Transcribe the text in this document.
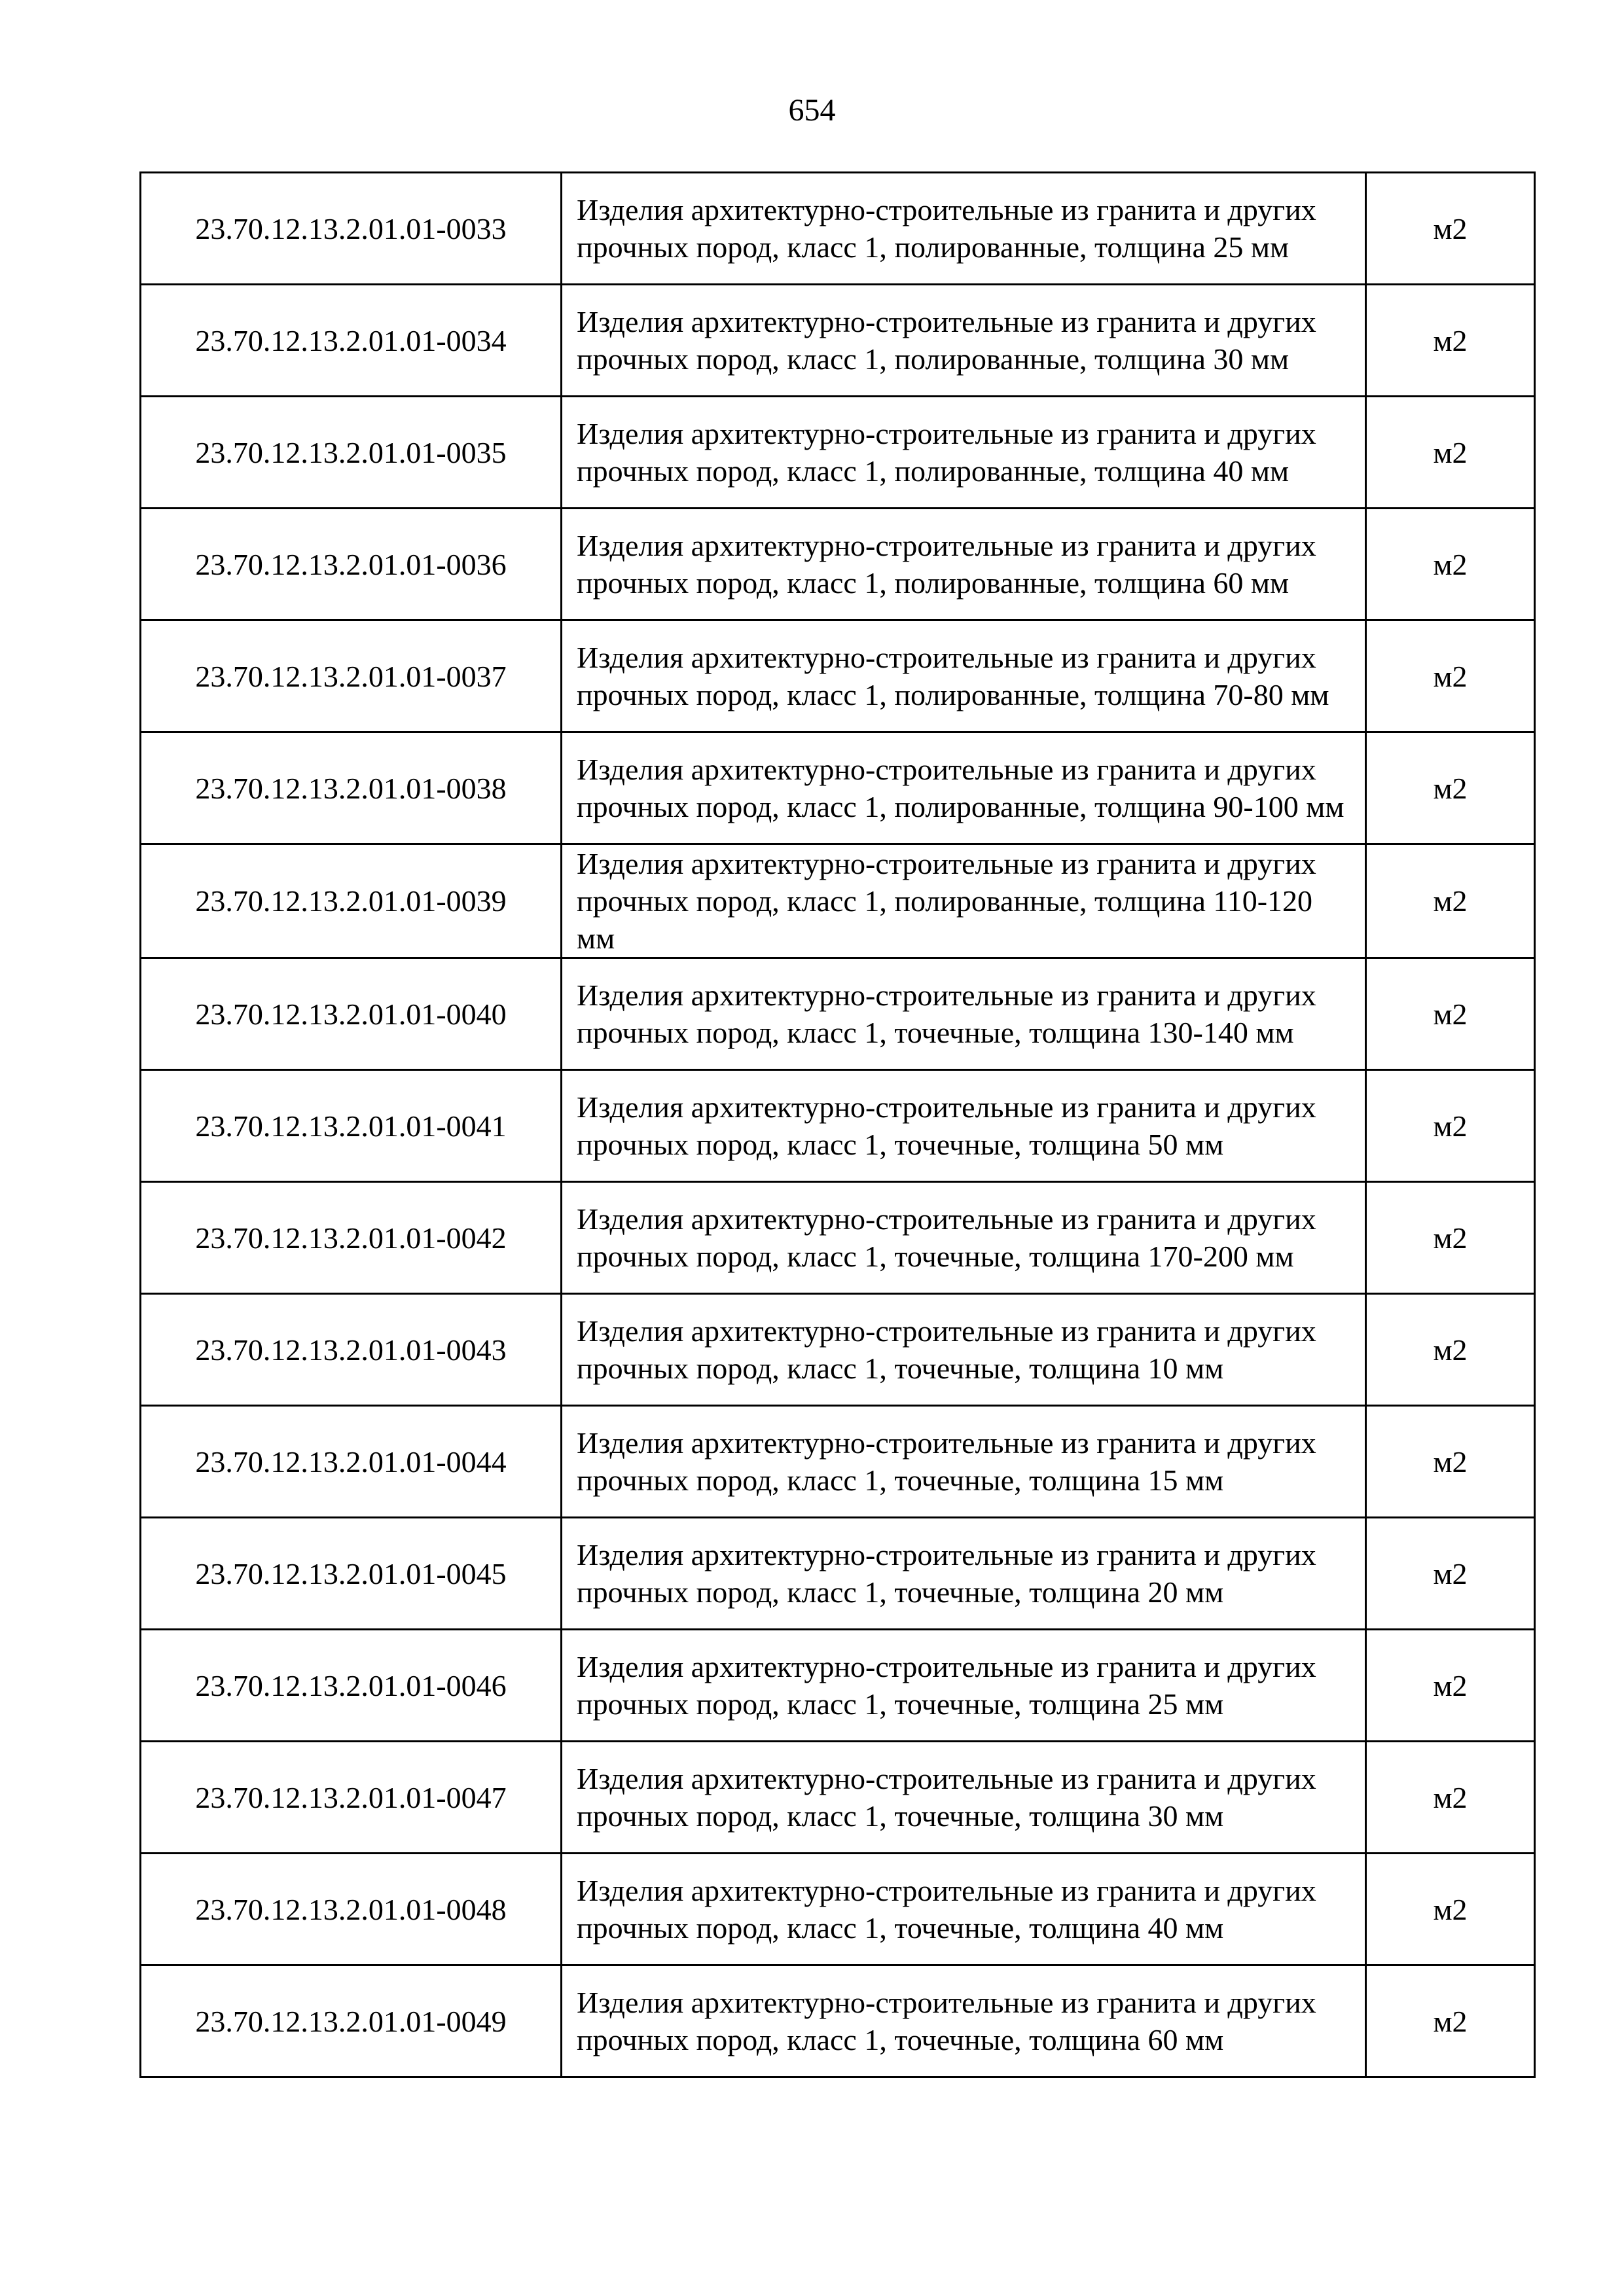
654
23.70.12.13.2.01.01-0033	Изделия архитектурно-строительные из гранита и других прочных пород, класс 1, полированные, толщина 25 мм	м2
23.70.12.13.2.01.01-0034	Изделия архитектурно-строительные из гранита и других прочных пород, класс 1, полированные, толщина 30 мм	м2
23.70.12.13.2.01.01-0035	Изделия архитектурно-строительные из гранита и других прочных пород, класс 1, полированные, толщина 40 мм	м2
23.70.12.13.2.01.01-0036	Изделия архитектурно-строительные из гранита и других прочных пород, класс 1, полированные, толщина 60 мм	м2
23.70.12.13.2.01.01-0037	Изделия архитектурно-строительные из гранита и других прочных пород, класс 1, полированные, толщина 70-80 мм	м2
23.70.12.13.2.01.01-0038	Изделия архитектурно-строительные из гранита и других прочных пород, класс 1, полированные, толщина 90-100 мм	м2
23.70.12.13.2.01.01-0039	Изделия архитектурно-строительные из гранита и других прочных пород, класс 1, полированные, толщина 110-120 мм	м2
23.70.12.13.2.01.01-0040	Изделия архитектурно-строительные из гранита и других прочных пород, класс 1, точечные, толщина 130-140 мм	м2
23.70.12.13.2.01.01-0041	Изделия архитектурно-строительные из гранита и других прочных пород, класс 1, точечные, толщина 50 мм	м2
23.70.12.13.2.01.01-0042	Изделия архитектурно-строительные из гранита и других прочных пород, класс 1, точечные, толщина 170-200 мм	м2
23.70.12.13.2.01.01-0043	Изделия архитектурно-строительные из гранита и других прочных пород, класс 1, точечные, толщина 10 мм	м2
23.70.12.13.2.01.01-0044	Изделия архитектурно-строительные из гранита и других прочных пород, класс 1, точечные, толщина 15 мм	м2
23.70.12.13.2.01.01-0045	Изделия архитектурно-строительные из гранита и других прочных пород, класс 1, точечные, толщина 20 мм	м2
23.70.12.13.2.01.01-0046	Изделия архитектурно-строительные из гранита и других прочных пород, класс 1, точечные, толщина 25 мм	м2
23.70.12.13.2.01.01-0047	Изделия архитектурно-строительные из гранита и других прочных пород, класс 1, точечные, толщина 30 мм	м2
23.70.12.13.2.01.01-0048	Изделия архитектурно-строительные из гранита и других прочных пород, класс 1, точечные, толщина 40 мм	м2
23.70.12.13.2.01.01-0049	Изделия архитектурно-строительные из гранита и других прочных пород, класс 1, точечные, толщина 60 мм	м2
